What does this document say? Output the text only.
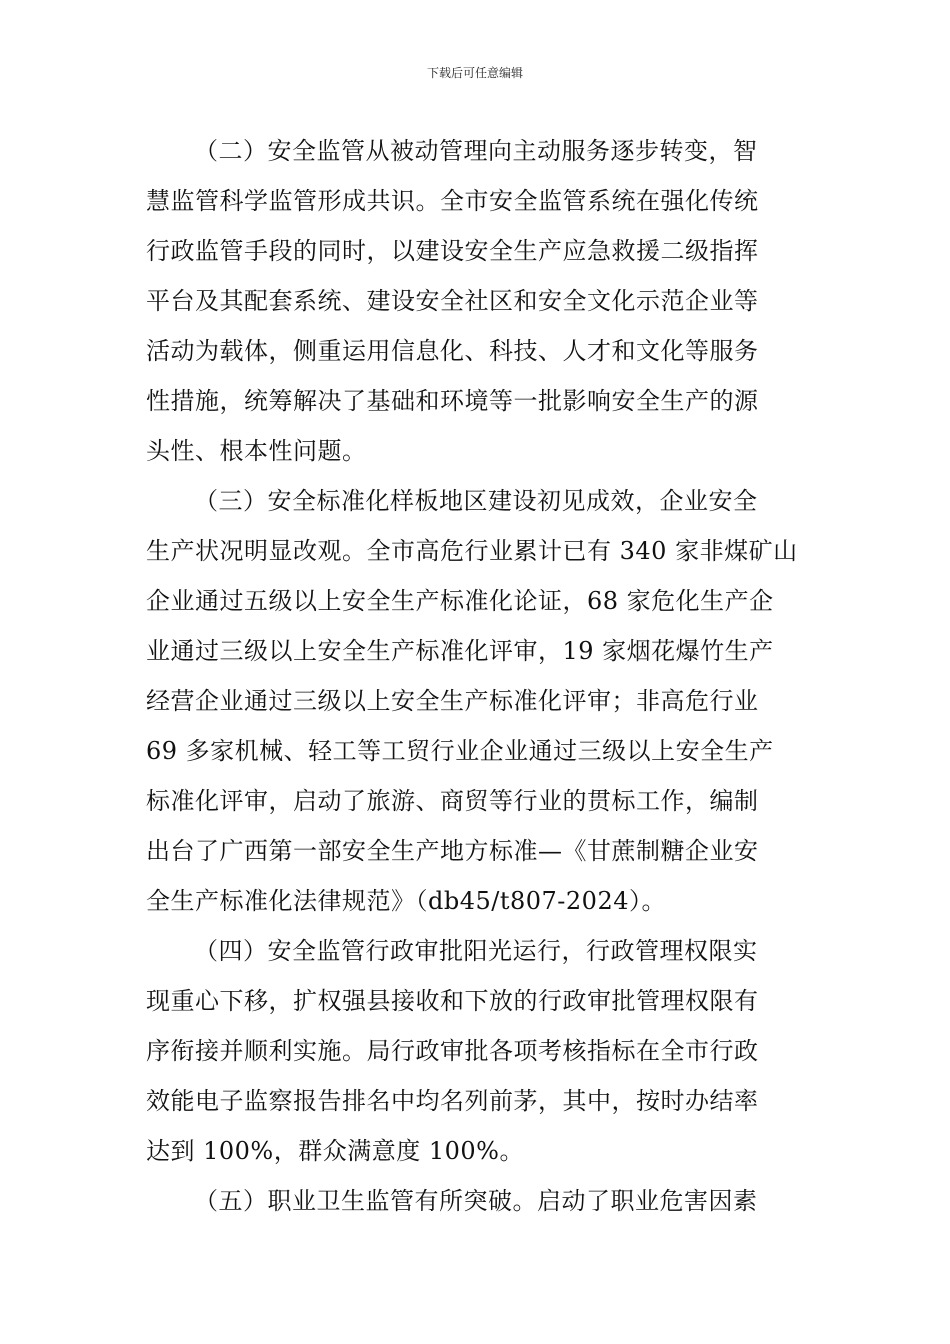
下载后可任意编辑
（二）安全监管从被动管理向主动服务逐步转变，智
慧监管科学监管形成共识。全市安全监管系统在强化传统
行政监管手段的同时，以建设安全生产应急救援二级指挥
平台及其配套系统、建设安全社区和安全文化示范企业等
活动为载体，侧重运用信息化、科技、人才和文化等服务
性措施，统筹解决了基础和环境等一批影响安全生产的源
头性、根本性问题。
（三）安全标准化样板地区建设初见成效，企业安全
生产状况明显改观。全市高危行业累计已有 340 家非煤矿山
企业通过五级以上安全生产标准化论证，68 家危化生产企
业通过三级以上安全生产标准化评审，19 家烟花爆竹生产
经营企业通过三级以上安全生产标准化评审；非高危行业
69 多家机械、轻工等工贸行业企业通过三级以上安全生产
标准化评审，启动了旅游、商贸等行业的贯标工作，编制
出台了广西第一部安全生产地方标准—《甘蔗制糖企业安
全生产标准化法律规范》（db45/t807-2024）。
（四）安全监管行政审批阳光运行，行政管理权限实
现重心下移，扩权强县接收和下放的行政审批管理权限有
序衔接并顺利实施。局行政审批各项考核指标在全市行政
效能电子监察报告排名中均名列前茅，其中，按时办结率
达到 100%，群众满意度 100%。
（五）职业卫生监管有所突破。启动了职业危害因素
